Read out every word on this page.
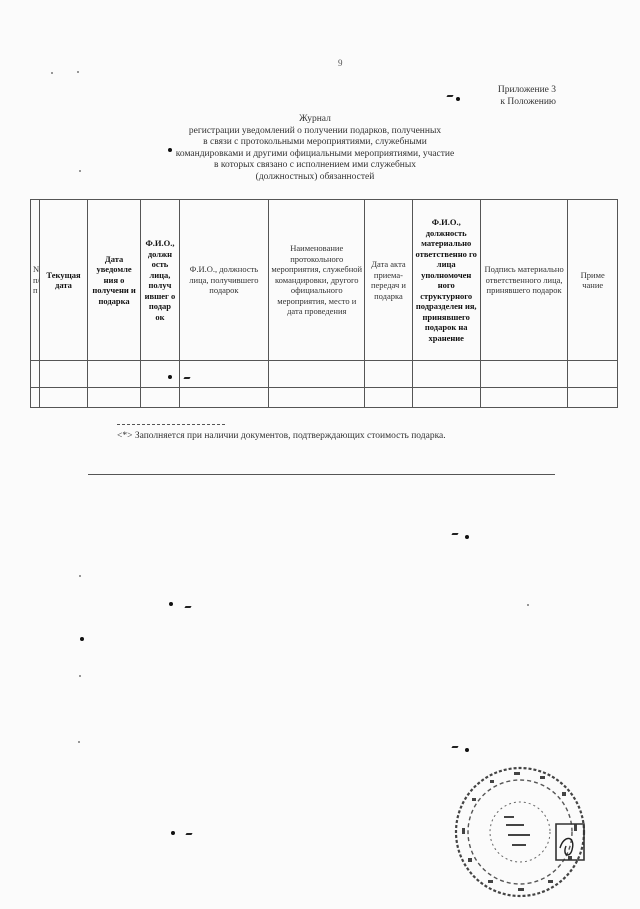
9
Приложение 3
к Положению
Журнал
регистрации уведомлений о получении подарков, полученных
в связи с протокольными мероприятиями, служебными
командировками и другими официальными мероприятиями, участие
в которых связано с исполнением ими служебных
(должностных) обязанностей
N п/п	Текущая дата	Дата уведомле ния о получени и подарка	Ф.И.О., должн ость лица, получ ившег о подар ок	Ф.И.О., должность лица, получившего подарок	Наименование протокольного мероприятия, служебной командировки, другого официального мероприятия, место и дата проведения	Дата акта приема-передач и подарка	Ф.И.О., должность материально ответственно го лица уполномочен ного структурного подразделен ия, принявшего подарок на хранение	Подпись материально ответственного лица, принявшего подарок	Приме чание

<*> Заполняется при наличии документов, подтверждающих стоимость подарка.
